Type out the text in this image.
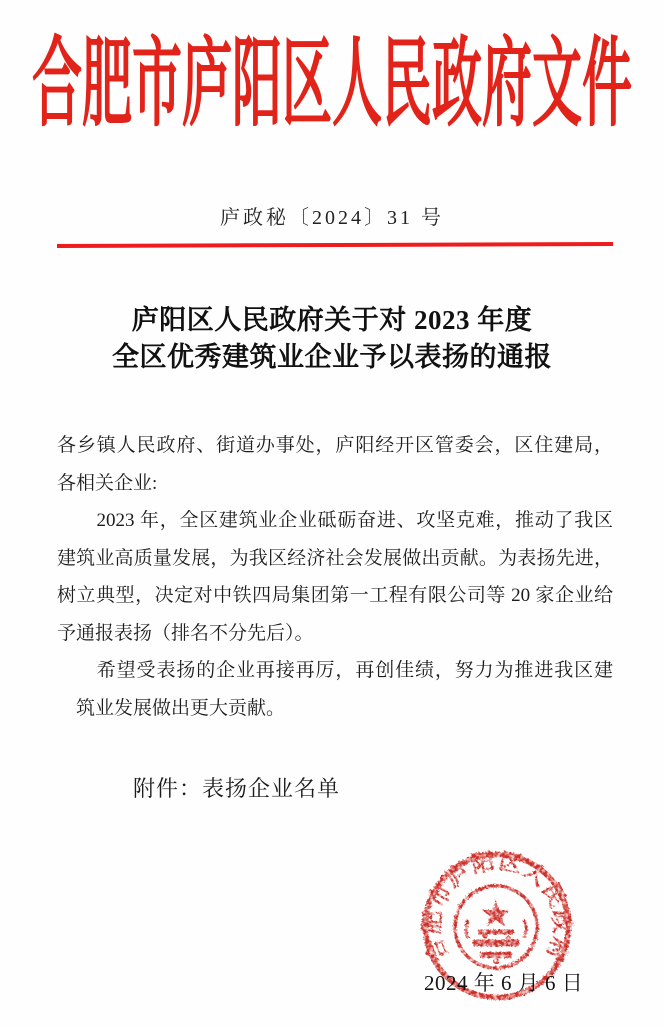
合肥市庐阳区人民政府文件
庐政秘〔2024〕31 号
庐阳区人民政府关于对 2023 年度
全区优秀建筑业企业予以表扬的通报
各乡镇人民政府、街道办事处，庐阳经开区管委会，区住建局，
各相关企业:
　　2023 年，全区建筑业企业砥砺奋进、攻坚克难，推动了我区
建筑业高质量发展，为我区经济社会发展做出贡献。为表扬先进，
树立典型，决定对中铁四局集团第一工程有限公司等 20 家企业给
予通报表扬（排名不分先后）。
　　希望受表扬的企业再接再厉，再创佳绩，努力为推进我区建
　筑业发展做出更大贡献。
附件：表扬企业名单
2024 年 6 月 6 日
合肥市庐阳区人民政府
